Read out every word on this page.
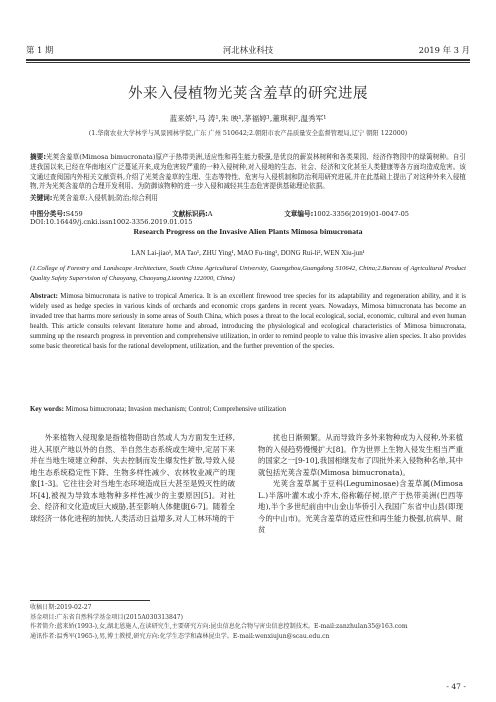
第 1 期	河北林业科技	2019 年 3 月
外来入侵植物光荚含羞草的研究进展
蓝来娇¹,马 涛¹,朱 映¹,茅福婷¹,董琪利²,温秀军¹
(1.华南农业大学林学与风景园林学院,广东 广州 510642;2.朝阳市农产品质量安全监督管理局,辽宁 朝阳 122000)
摘要:光荚含羞草(Mimosa bimucronata)原产于热带美洲,适应性和再生能力极强,是优良的薪炭林树种和各类果园、经济作物园中的绿篱树种。自引进我国以来,已经在华南地区广泛蔓延开来,成为危害较严重的一种入侵树种,对入侵地的生态、社会、经济和文化甚至人类健康等各方面均造成危害。该文通过查阅国内外相关文献资料,介绍了光荚含羞草的生理、生态等特性、危害与入侵机制和防治利用研究进展,并在此基础上提出了对这种外来入侵植物,并为光荚含羞草的合理开发利用、为防御该物种的进一步入侵和减轻其生态危害提供基础理论依据。
关键词:光荚含羞草;入侵机制;防治;综合利用
中图分类号:S459	文献标识码:A	文章编号:1002-3356(2019)01-0047-05
DOI:10.16449/j.cnki.issn1002-3356.2019.01.015
Research Progress on the Invasive Alien Plants Mimosa bimucronata
LAN Lai-jiao¹, MA Tao¹, ZHU Ying¹, MAO Fu-ting¹, DONG Rui-li², WEN Xiu-jun¹
(1.College of Forestry and Landscape Architecture, South China Agricultural University, Guangzhou,Guangdong 510642, China;2.Bureau of Agricultural Product Quality Safety Supervision of Chaoyang, Chaoyang,Liaoning 122000, China)
Abstract: Mimosa bimucronata is native to tropical America. It is an excellent firewood tree species for its adaptability and regeneration ability, and it is widely used as hedge species in various kinds of orchards and economic crops gardens in recent years. Nowadays, Mimosa bimucronata has become an invaded tree that harms more seriously in some areas of South China, which poses a threat to the local ecological, social, economic, cultural and even human health. This article consults relevant literature home and abroad, introducing the physiological and ecological characteristics of Mimosa bimucronata, summing up the research progress in prevention and comprehensive utilization, in order to remind people to value this invasive alien species. It also provides some basic theoretical basis for the rational development, utilization, and the further prevention of the species.
Key words: Mimosa bimucronata; Invasion mechanism; Control; Comprehensive utilization

外来植物入侵现象是指植物借助自然或人为方面发生迁移,进入其原产地以外的自然、半自然生态系统或生境中,定居下来并在当地生境建立种群、失去控制而发生爆发性扩散,导致入侵地生态系统稳定性下降、生物多样性减少、农林牧业减产的现象[1-3]。它往往会对当地生态环境造成巨大甚至是毁灭性的破坏[4],被视为导致本地物种多样性减少的主要原因[5]。对社会、经济和文化造成巨大威胁,甚至影响人体健康[6-7]。随着全球经济一体化进程的加快,人类活动日益增多,对人工林环境的干

扰也日渐频繁。从而导致许多外来物种成为入侵种,外来植物的入侵趋势慢慢扩大[8]。作为世界上生物入侵发生相当严重的国家之一[9-10],我国相继发布了四批外来入侵物种名单,其中就包括光荚含羞草(Mimosa bimucronata)。

光荚含羞草属于豆科(Leguminosae)含羞草属(Mimosa L.)半落叶灌木或小乔木,俗称簕仔树,原产于热带美洲(巴西等地),半个多世纪前由中山金山华侨引入我国广东省中山县(即现今的中山市)。光荚含羞草的适应性和再生能力极强,抗病旱、耐贫

收稿日期:2019-02-27
基金项目:广东省自然科学基金项目(2015A030313847)
作者简介:蓝来娇(1993-),女,湖北恩施人,在读研究生,主要研究方向:昆虫信息化合物与害虫信息控制技术。E-mail:zanzhulan35@163.com
通讯作者:温秀军(1965-),男,博士教授,研究方向:化学生态学和森林昆虫学。E-mail:wenxiujun@scau.edu.cn
- 47 -
